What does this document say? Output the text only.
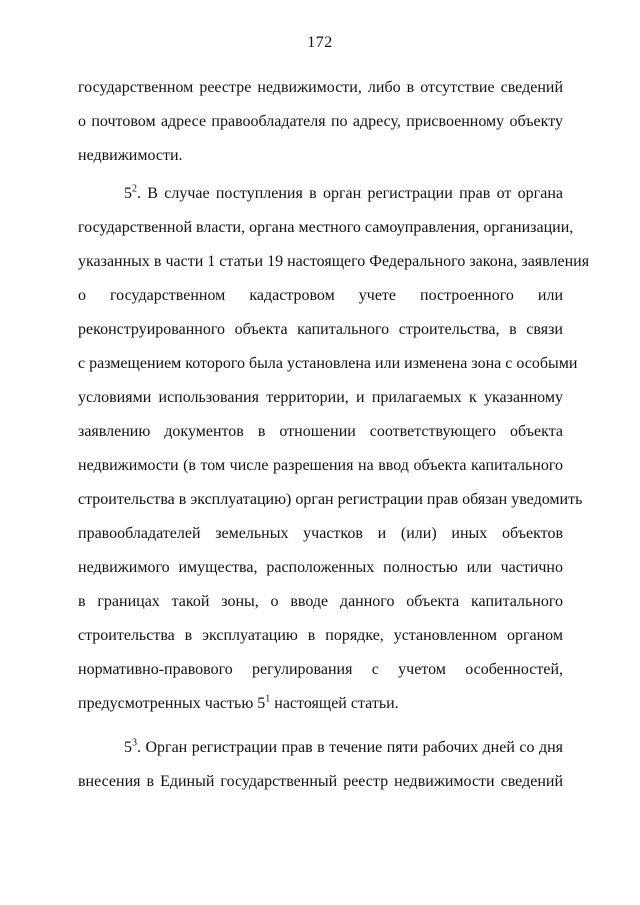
172
государственном реестре недвижимости, либо в отсутствие сведений
о почтовом адресе правообладателя по адресу, присвоенному объекту
недвижимости.
$5^2$. В случае поступления в орган регистрации прав от органа
государственной власти, органа местного самоуправления, организации,
указанных в части 1 статьи 19 настоящего Федерального закона, заявления
о государственном кадастровом учете построенного или
реконструированного объекта капитального строительства, в связи
с размещением которого была установлена или изменена зона с особыми
условиями использования территории, и прилагаемых к указанному
заявлению документов в отношении соответствующего объекта
недвижимости (в том числе разрешения на ввод объекта капитального
строительства в эксплуатацию) орган регистрации прав обязан уведомить
правообладателей земельных участков и (или) иных объектов
недвижимого имущества, расположенных полностью или частично
в границах такой зоны, о вводе данного объекта капитального
строительства в эксплуатацию в порядке, установленном органом
нормативно-правового регулирования с учетом особенностей,
предусмотренных частью $5^1$ настоящей статьи.
$5^3$. Орган регистрации прав в течение пяти рабочих дней со дня
внесения в Единый государственный реестр недвижимости сведений
